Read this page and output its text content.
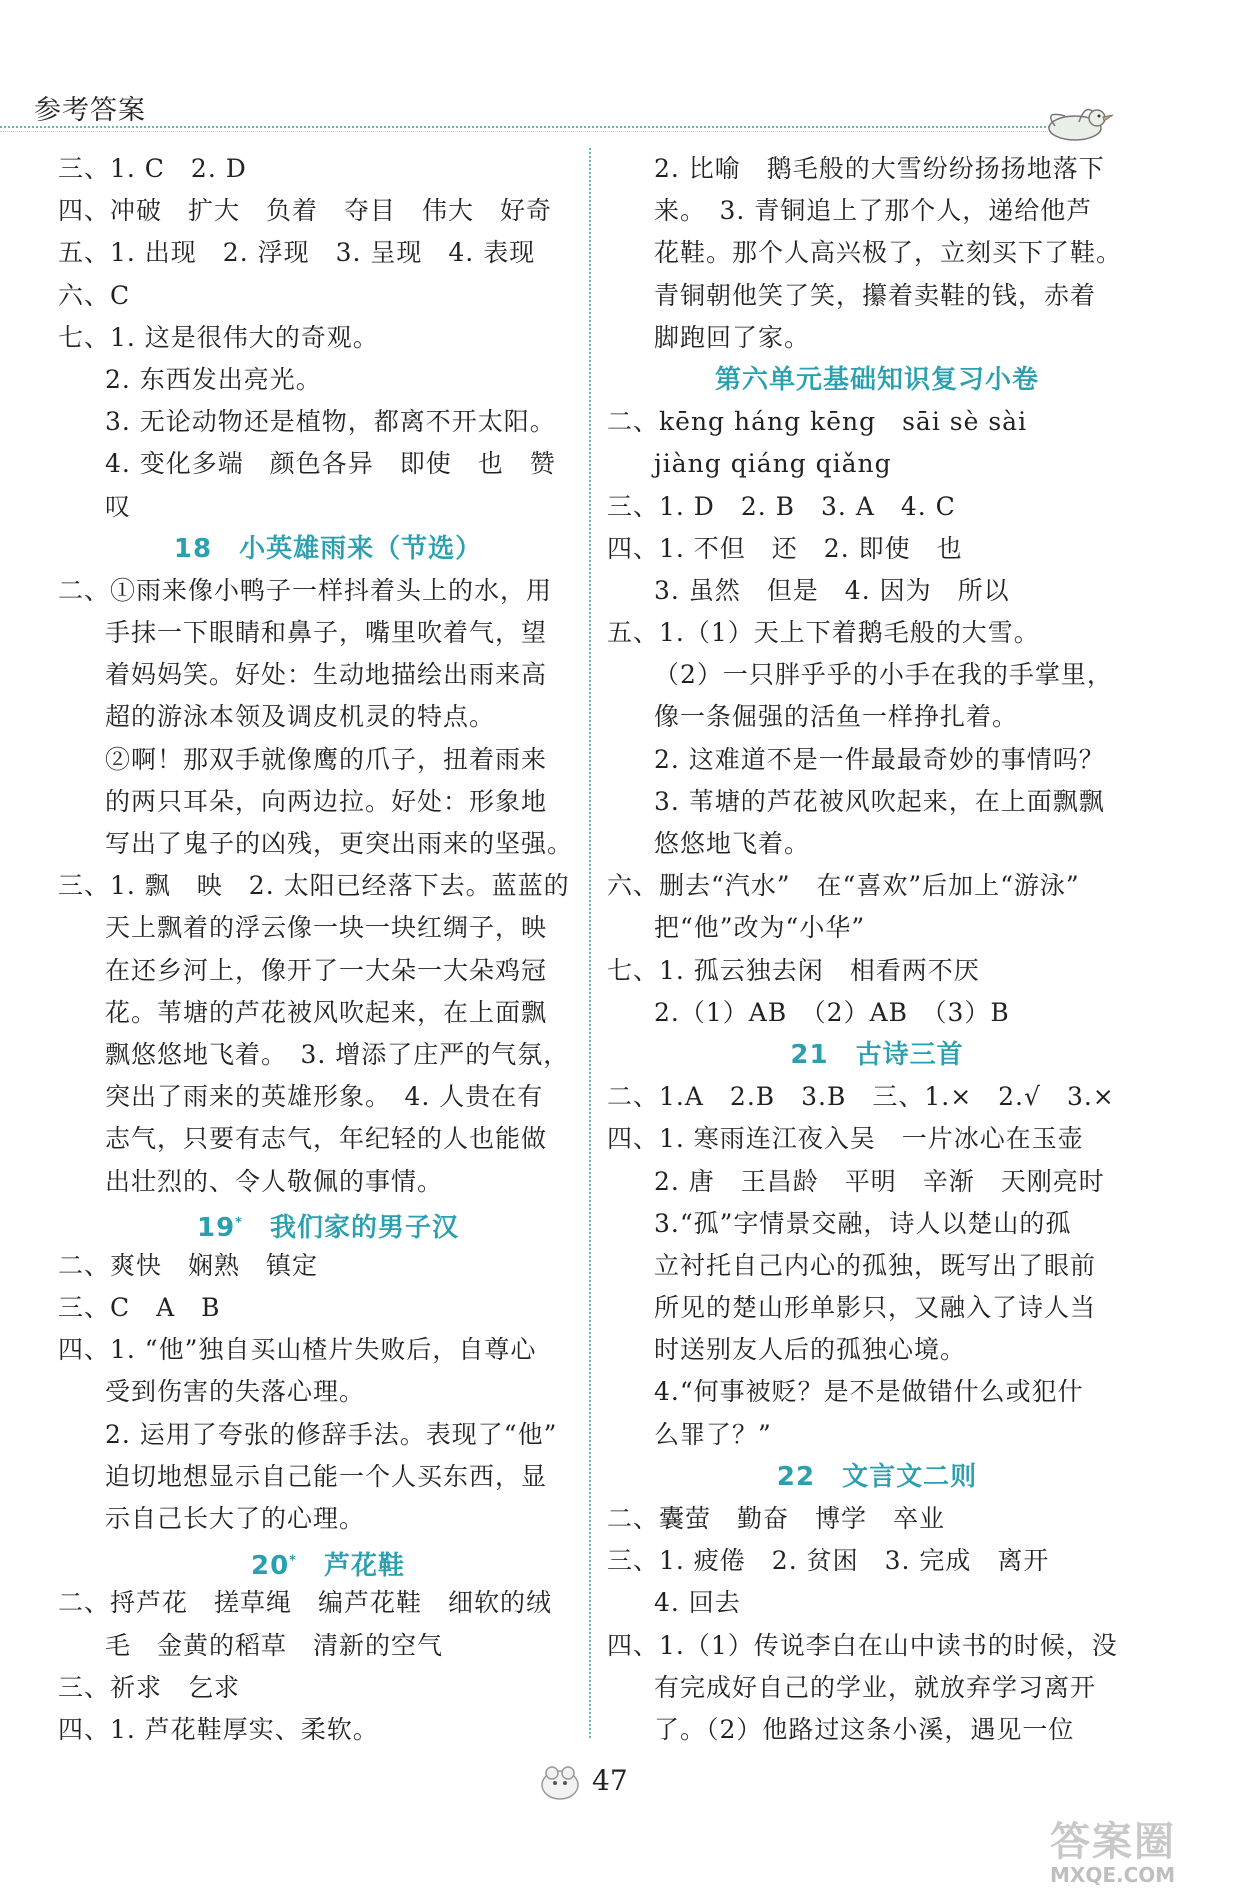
参考答案
三、1. C　2. D
四、冲破　扩大　负着　夺目　伟大　好奇
五、1. 出现　2. 浮现　3. 呈现　4. 表现
六、C
七、1. 这是很伟大的奇观。
2. 东西发出亮光。
3. 无论动物还是植物，都离不开太阳。
4. 变化多端　颜色各异　即使　也　赞
叹
18　小英雄雨来（节选）
二、①雨来像小鸭子一样抖着头上的水，用
手抹一下眼睛和鼻子，嘴里吹着气，望
着妈妈笑。好处：生动地描绘出雨来高
超的游泳本领及调皮机灵的特点。
②啊！那双手就像鹰的爪子，扭着雨来
的两只耳朵，向两边拉。好处：形象地
写出了鬼子的凶残，更突出雨来的坚强。
三、1. 飘　映　2. 太阳已经落下去。蓝蓝的
天上飘着的浮云像一块一块红绸子，映
在还乡河上，像开了一大朵一大朵鸡冠
花。苇塘的芦花被风吹起来，在上面飘
飘悠悠地飞着。　3. 增添了庄严的气氛，
突出了雨来的英雄形象。　4. 人贵在有
志气，只要有志气，年纪轻的人也能做
出壮烈的、令人敬佩的事情。
19*　我们家的男子汉
二、爽快　娴熟　镇定
三、C　A　B
四、1. “他”独自买山楂片失败后，自尊心
受到伤害的失落心理。
2. 运用了夸张的修辞手法。表现了“他”
迫切地想显示自己能一个人买东西，显
示自己长大了的心理。
20*　芦花鞋
二、捋芦花　搓草绳　编芦花鞋　细软的绒
毛　金黄的稻草　清新的空气
三、祈求　乞求
四、1. 芦花鞋厚实、柔软。
2. 比喻　鹅毛般的大雪纷纷扬扬地落下
来。　3. 青铜追上了那个人，递给他芦
花鞋。那个人高兴极了，立刻买下了鞋。
青铜朝他笑了笑，攥着卖鞋的钱，赤着
脚跑回了家。
第六单元基础知识复习小卷
二、kēng háng kēng　sāi sè sài
jiàng qiáng qiǎng
三、1. D　2. B　3. A　4. C
四、1. 不但　还　2. 即使　也
3. 虽然　但是　4. 因为　所以
五、1.（1）天上下着鹅毛般的大雪。
（2）一只胖乎乎的小手在我的手掌里，
像一条倔强的活鱼一样挣扎着。
2. 这难道不是一件最最奇妙的事情吗？
3. 苇塘的芦花被风吹起来，在上面飘飘
悠悠地飞着。
六、删去“汽水”　在“喜欢”后加上“游泳”
把“他”改为“小华”
七、1. 孤云独去闲　相看两不厌
2.（1）AB　（2）AB　（3）B
21　古诗三首
二、1.A　2.B　3.B　三、1.×　2.√　3.×
四、1. 寒雨连江夜入吴　一片冰心在玉壶
2. 唐　王昌龄　平明　辛渐　天刚亮时
3.“孤”字情景交融，诗人以楚山的孤
立衬托自己内心的孤独，既写出了眼前
所见的楚山形单影只，又融入了诗人当
时送别友人后的孤独心境。
4.“何事被贬？是不是做错什么或犯什
么罪了？”
22　文言文二则
二、囊萤　勤奋　博学　卒业
三、1. 疲倦　2. 贫困　3. 完成　离开
4. 回去
四、1.（1）传说李白在山中读书的时候，没
有完成好自己的学业，就放弃学习离开
了。（2）他路过这条小溪，遇见一位
47
答案圈
MXQE.COM
